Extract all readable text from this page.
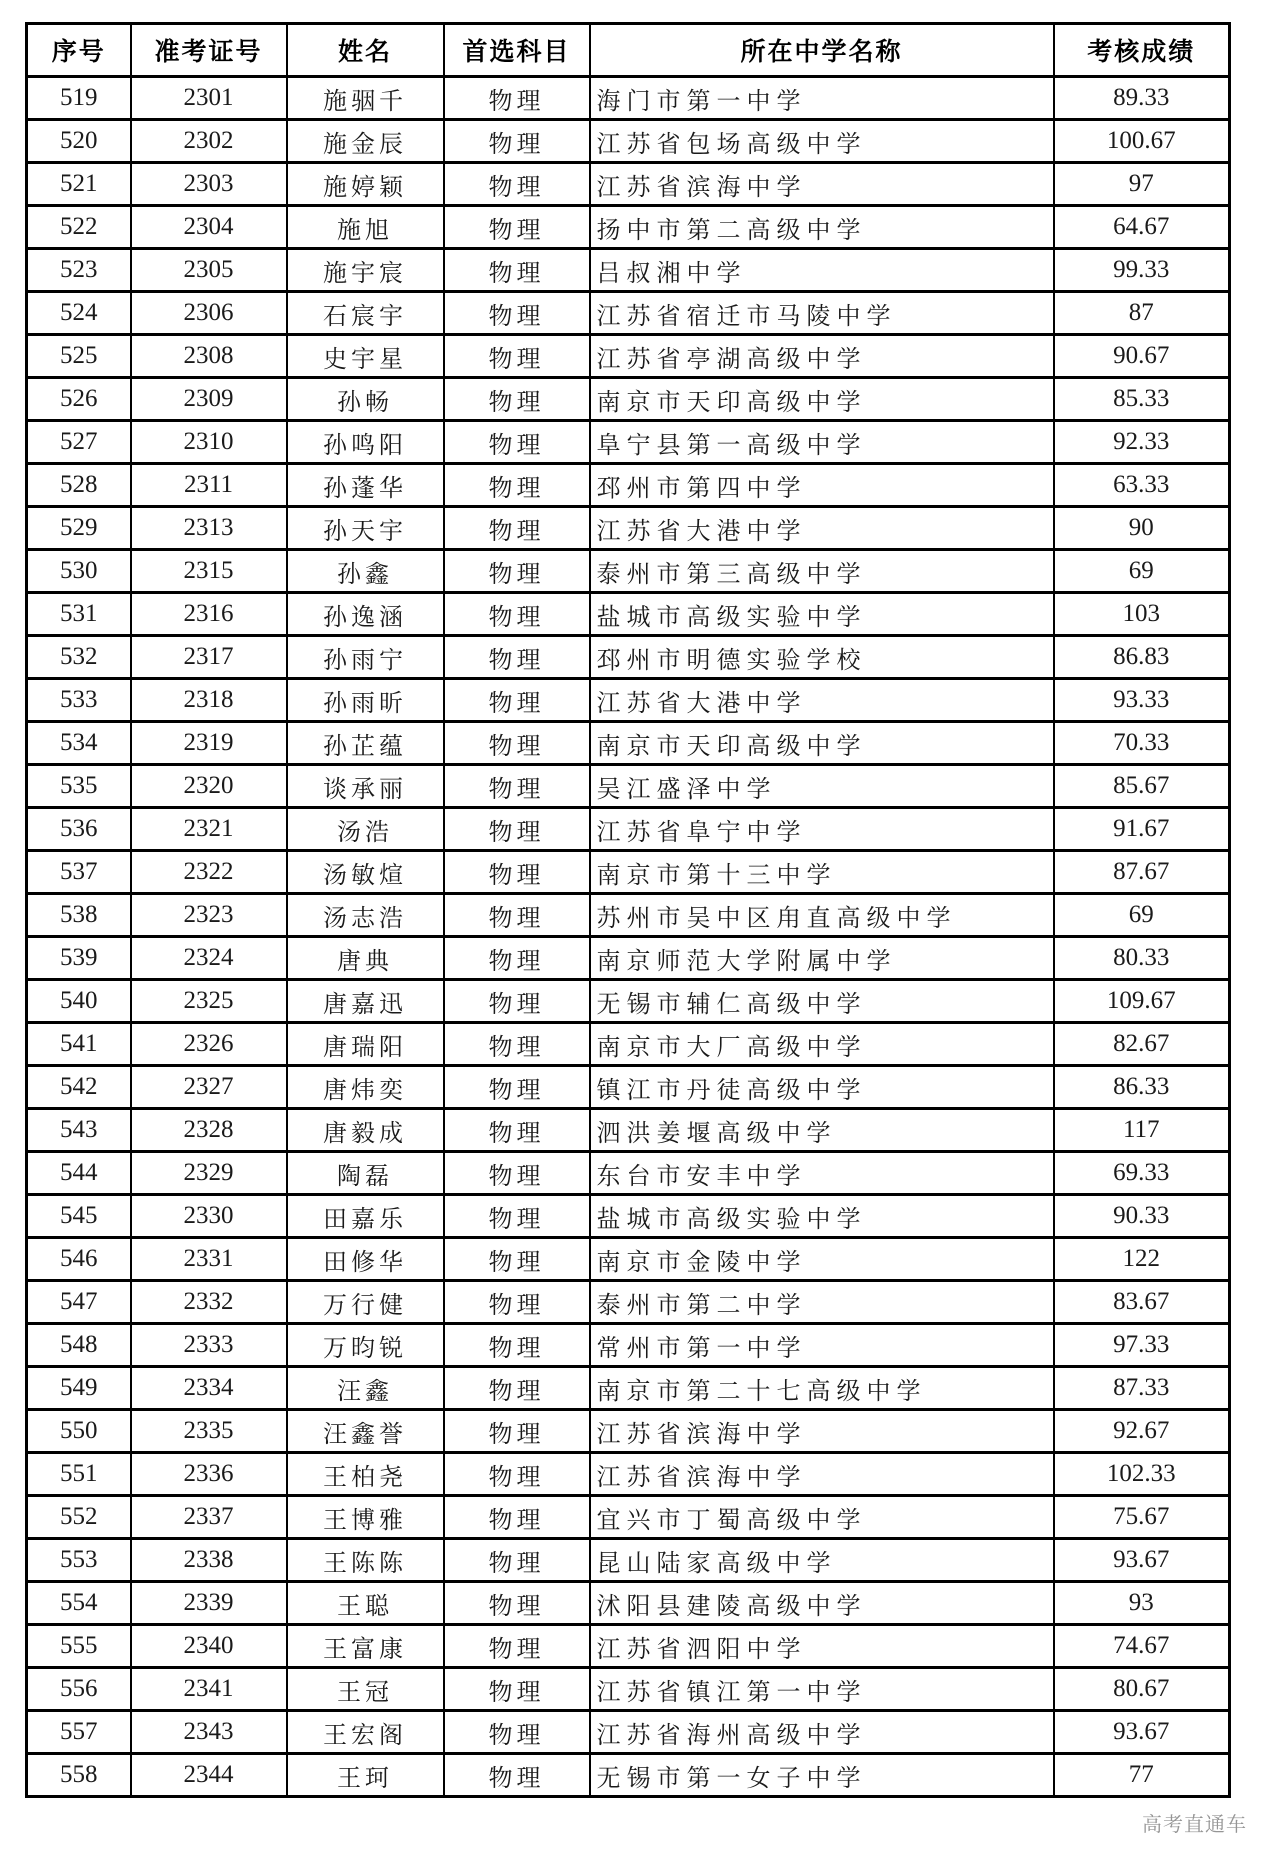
序号	准考证号	姓名	首选科目	所在中学名称	考核成绩
519	2301	施骃千	物理	海门市第一中学	89.33
520	2302	施金辰	物理	江苏省包场高级中学	100.67
521	2303	施婷颖	物理	江苏省滨海中学	97
522	2304	施旭	物理	扬中市第二高级中学	64.67
523	2305	施宇宸	物理	吕叔湘中学	99.33
524	2306	石宸宇	物理	江苏省宿迁市马陵中学	87
525	2308	史宇星	物理	江苏省亭湖高级中学	90.67
526	2309	孙畅	物理	南京市天印高级中学	85.33
527	2310	孙鸣阳	物理	阜宁县第一高级中学	92.33
528	2311	孙蓬华	物理	邳州市第四中学	63.33
529	2313	孙天宇	物理	江苏省大港中学	90
530	2315	孙鑫	物理	泰州市第三高级中学	69
531	2316	孙逸涵	物理	盐城市高级实验中学	103
532	2317	孙雨宁	物理	邳州市明德实验学校	86.83
533	2318	孙雨昕	物理	江苏省大港中学	93.33
534	2319	孙芷蕴	物理	南京市天印高级中学	70.33
535	2320	谈承丽	物理	吴江盛泽中学	85.67
536	2321	汤浩	物理	江苏省阜宁中学	91.67
537	2322	汤敏煊	物理	南京市第十三中学	87.67
538	2323	汤志浩	物理	苏州市吴中区甪直高级中学	69
539	2324	唐典	物理	南京师范大学附属中学	80.33
540	2325	唐嘉迅	物理	无锡市辅仁高级中学	109.67
541	2326	唐瑞阳	物理	南京市大厂高级中学	82.67
542	2327	唐炜奕	物理	镇江市丹徒高级中学	86.33
543	2328	唐毅成	物理	泗洪姜堰高级中学	117
544	2329	陶磊	物理	东台市安丰中学	69.33
545	2330	田嘉乐	物理	盐城市高级实验中学	90.33
546	2331	田修华	物理	南京市金陵中学	122
547	2332	万行健	物理	泰州市第二中学	83.67
548	2333	万昀锐	物理	常州市第一中学	97.33
549	2334	汪鑫	物理	南京市第二十七高级中学	87.33
550	2335	汪鑫誉	物理	江苏省滨海中学	92.67
551	2336	王柏尧	物理	江苏省滨海中学	102.33
552	2337	王博雅	物理	宜兴市丁蜀高级中学	75.67
553	2338	王陈陈	物理	昆山陆家高级中学	93.67
554	2339	王聪	物理	沭阳县建陵高级中学	93
555	2340	王富康	物理	江苏省泗阳中学	74.67
556	2341	王冠	物理	江苏省镇江第一中学	80.67
557	2343	王宏阁	物理	江苏省海州高级中学	93.67
558	2344	王珂	物理	无锡市第一女子中学	77
高考直通车
